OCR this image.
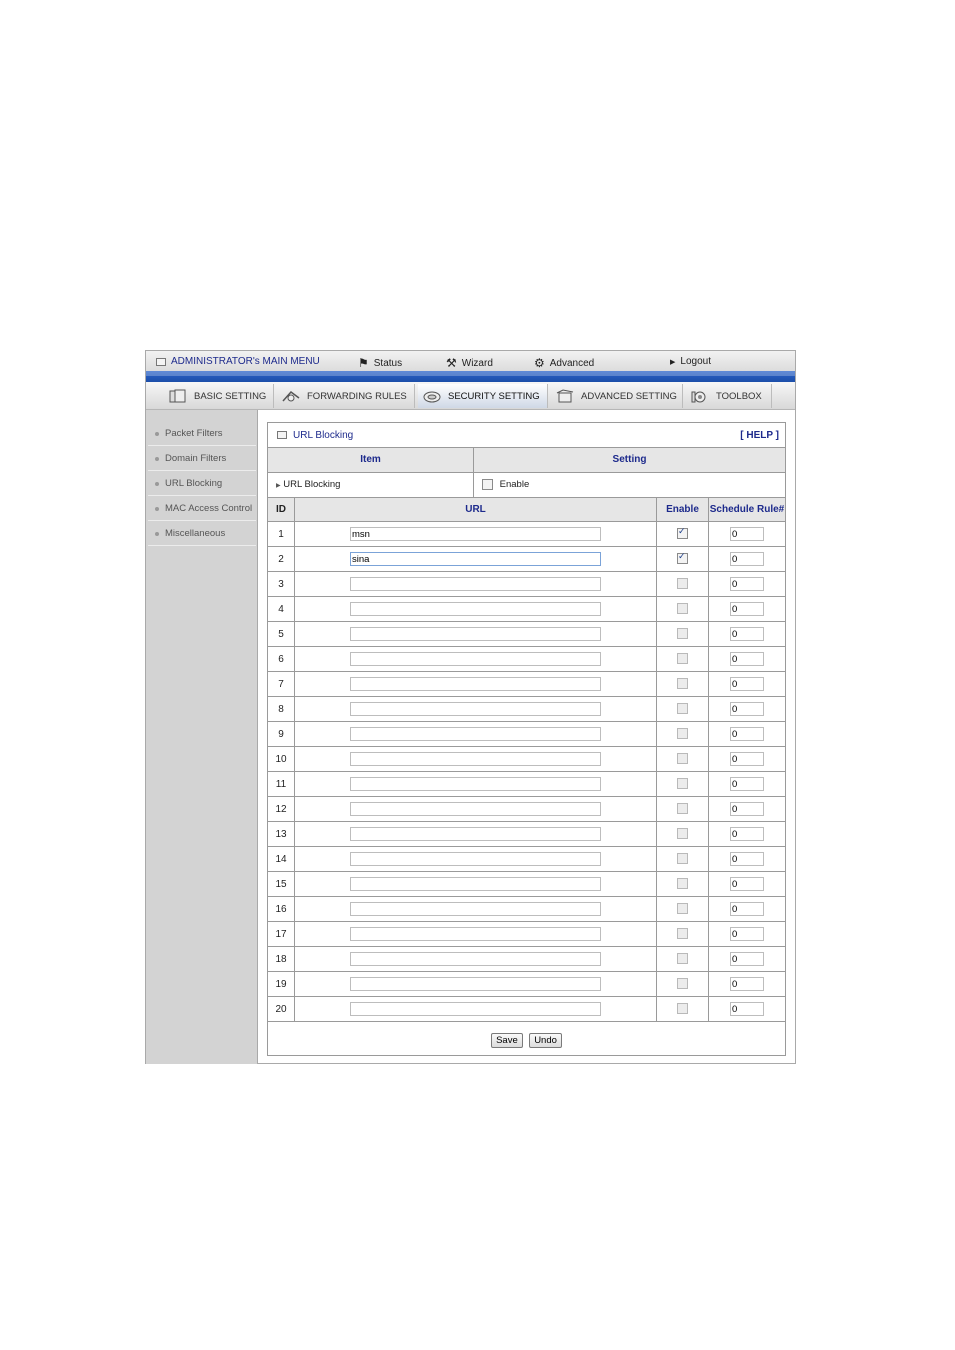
ADMINISTRATOR's MAIN MENU	⚑ Status	⚒ Wizard	⚙ Advanced	▶ Logout
BASIC SETTING	FORWARDING RULES	SECURITY SETTING	ADVANCED SETTING	TOOLBOX
Packet Filters
Domain Filters
URL Blocking
MAC Access Control
Miscellaneous
URL Blocking	[ HELP ]
Item	Setting
▶ URL Blocking	Enable
ID	URL	Enable	Schedule Rule#
1	msn	✓	0
2	sina	✓	0
3			0
4			0
5			0
6			0
7			0
8			0
9			0
10			0
11			0
12			0
13			0
14			0
15			0
16			0
17			0
18			0
19			0
20			0
Save Undo
